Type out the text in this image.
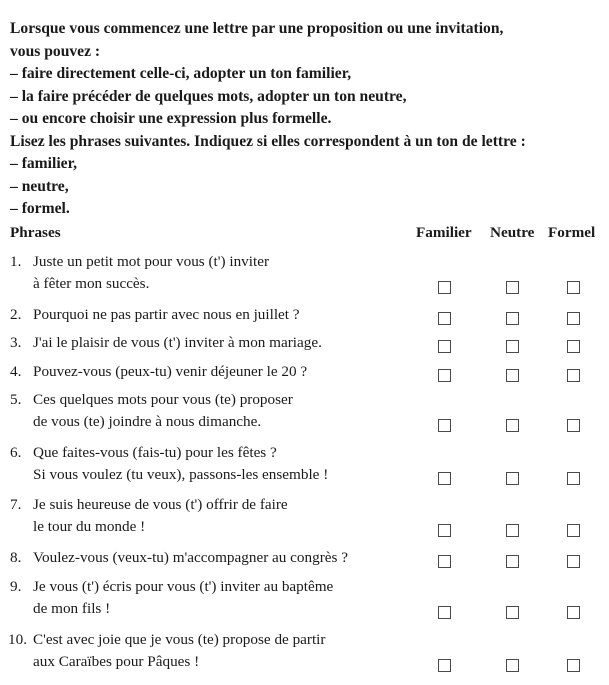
Lorsque vous commencez une lettre par une proposition ou une invitation,
vous pouvez :
– faire directement celle-ci, adopter un ton familier,
– la faire précéder de quelques mots, adopter un ton neutre,
– ou encore choisir une expression plus formelle.
Lisez les phrases suivantes. Indiquez si elles correspondent à un ton de lettre :
– familier,
– neutre,
– formel.
Phrases	Familier Neutre Formel
1. Juste un petit mot pour vous (t') inviter
à fêter mon succès.
2. Pourquoi ne pas partir avec nous en juillet ?
3. J'ai le plaisir de vous (t') inviter à mon mariage.
4. Pouvez-vous (peux-tu) venir déjeuner le 20 ?
5. Ces quelques mots pour vous (te) proposer
de vous (te) joindre à nous dimanche.
6. Que faites-vous (fais-tu) pour les fêtes ?
Si vous voulez (tu veux), passons-les ensemble !
7. Je suis heureuse de vous (t') offrir de faire
le tour du monde !
8. Voulez-vous (veux-tu) m'accompagner au congrès ?
9. Je vous (t') écris pour vous (t') inviter au baptême
de mon fils !
10. C'est avec joie que je vous (te) propose de partir
aux Caraïbes pour Pâques !
